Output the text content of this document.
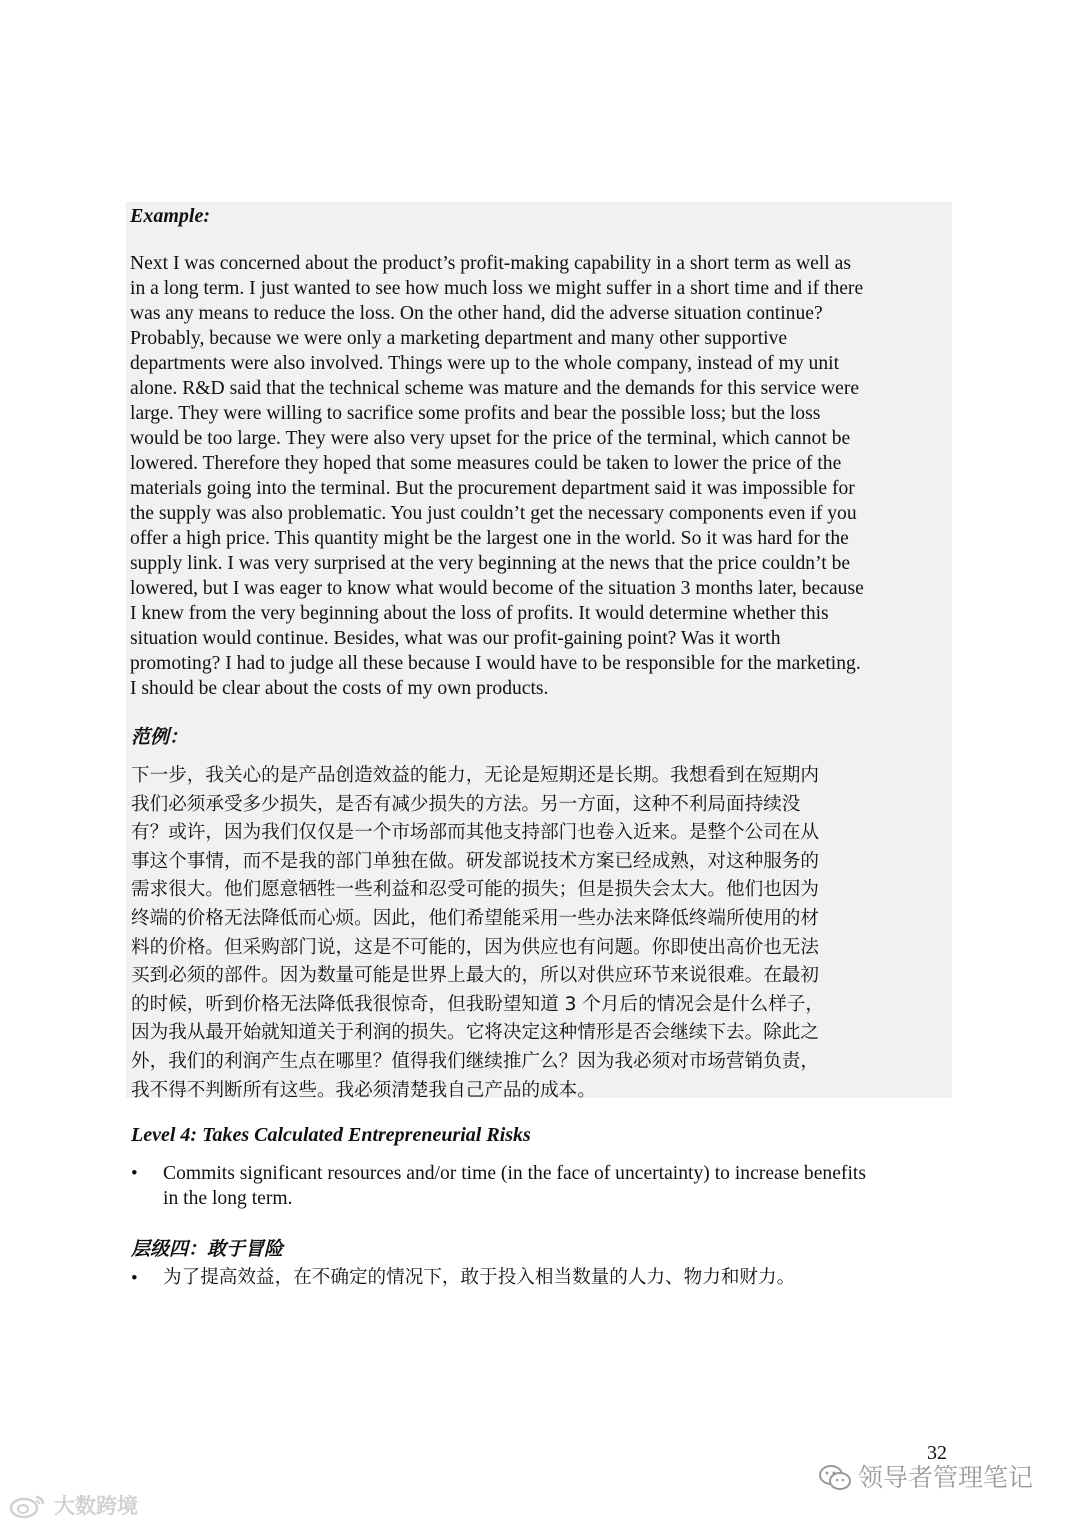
Example:

Next I was concerned about the product’s profit-making capability in a short term as well as
in a long term. I just wanted to see how much loss we might suffer in a short time and if there
was any means to reduce the loss. On the other hand, did the adverse situation continue?
Probably, because we were only a marketing department and many other supportive
departments were also involved. Things were up to the whole company, instead of my unit
alone. R&D said that the technical scheme was mature and the demands for this service were
large. They were willing to sacrifice some profits and bear the possible loss; but the loss
would be too large. They were also very upset for the price of the terminal, which cannot be
lowered. Therefore they hoped that some measures could be taken to lower the price of the
materials going into the terminal. But the procurement department said it was impossible for
the supply was also problematic. You just couldn’t get the necessary components even if you
offer a high price. This quantity might be the largest one in the world. So it was hard for the
supply link. I was very surprised at the very beginning at the news that the price couldn’t be
lowered, but I was eager to know what would become of the situation 3 months later, because
I knew from the very beginning about the loss of profits. It would determine whether this
situation would continue. Besides, what was our profit-gaining point? Was it worth
promoting? I had to judge all these because I would have to be responsible for the marketing.
I should be clear about the costs of my own products.

范例：

下一步，我关心的是产品创造效益的能力，无论是短期还是长期。我想看到在短期内
我们必须承受多少损失，是否有减少损失的方法。另一方面，这种不利局面持续没
有？或许，因为我们仅仅是一个市场部而其他支持部门也卷入近来。是整个公司在从
事这个事情，而不是我的部门单独在做。研发部说技术方案已经成熟，对这种服务的
需求很大。他们愿意牺牲一些利益和忍受可能的损失；但是损失会太大。他们也因为
终端的价格无法降低而心烦。因此，他们希望能采用一些办法来降低终端所使用的材
料的价格。但采购部门说，这是不可能的，因为供应也有问题。你即使出高价也无法
买到必须的部件。因为数量可能是世界上最大的，所以对供应环节来说很难。在最初
的时候，听到价格无法降低我很惊奇，但我盼望知道 3 个月后的情况会是什么样子，
因为我从最开始就知道关于利润的损失。它将决定这种情形是否会继续下去。除此之
外，我们的利润产生点在哪里？值得我们继续推广么？因为我必须对市场营销负责，
我不得不判断所有这些。我必须清楚我自己产品的成本。

Level 4: Takes Calculated Entrepreneurial Risks
• Commits significant resources and/or time (in the face of uncertainty) to increase benefits
in the long term.

层级四：敢于冒险
• 为了提高效益，在不确定的情况下，敢于投入相当数量的人力、物力和财力。

32
领导者管理笔记
大数跨境
